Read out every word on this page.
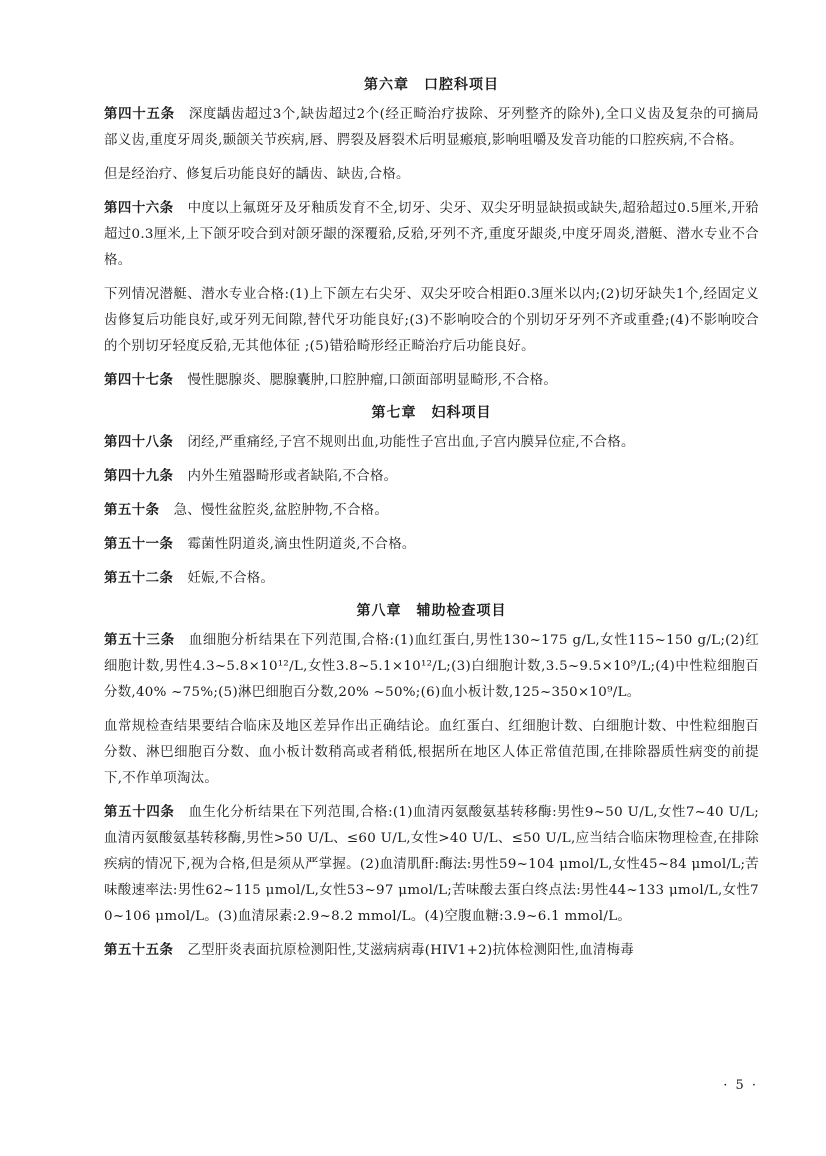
第六章　口腔科项目

第四十五条 深度龋齿超过3个,缺齿超过2个(经正畸治疗拔除、牙列整齐的除外),全口义齿及复杂的可摘局部义齿,重度牙周炎,颞颌关节疾病,唇、腭裂及唇裂术后明显瘢痕,影响咀嚼及发音功能的口腔疾病,不合格。

但是经治疗、修复后功能良好的龋齿、缺齿,合格。

第四十六条 中度以上氟斑牙及牙釉质发育不全,切牙、尖牙、双尖牙明显缺损或缺失,超𬌗超过0.5厘米,开𬌗超过0.3厘米,上下颌牙咬合到对颌牙龈的深覆𬌗,反𬌗,牙列不齐,重度牙龈炎,中度牙周炎,潜艇、潜水专业不合格。

下列情况潜艇、潜水专业合格:(1)上下颌左右尖牙、双尖牙咬合相距0.3厘米以内;(2)切牙缺失1个,经固定义齿修复后功能良好,或牙列无间隙,替代牙功能良好;(3)不影响咬合的个别切牙牙列不齐或重叠;(4)不影响咬合的个别切牙轻度反𬌗,无其他体征 ;(5)错𬌗畸形经正畸治疗后功能良好。

第四十七条 慢性腮腺炎、腮腺囊肿,口腔肿瘤,口颌面部明显畸形,不合格。

第七章　妇科项目

第四十八条 闭经,严重痛经,子宫不规则出血,功能性子宫出血,子宫内膜异位症,不合格。

第四十九条 内外生殖器畸形或者缺陷,不合格。

第五十条 急、慢性盆腔炎,盆腔肿物,不合格。

第五十一条 霉菌性阴道炎,滴虫性阴道炎,不合格。

第五十二条 妊娠,不合格。

第八章　辅助检查项目

第五十三条 血细胞分析结果在下列范围,合格:(1)血红蛋白,男性130~175 g/L,女性115~150 g/L;(2)红细胞计数,男性4.3~5.8×10¹²/L,女性3.8~5.1×10¹²/L;(3)白细胞计数,3.5~9.5×10⁹/L;(4)中性粒细胞百分数,40% ~75%;(5)淋巴细胞百分数,20% ~50%;(6)血小板计数,125~350×10⁹/L。

血常规检查结果要结合临床及地区差异作出正确结论。血红蛋白、红细胞计数、白细胞计数、中性粒细胞百分数、淋巴细胞百分数、血小板计数稍高或者稍低,根据所在地区人体正常值范围,在排除器质性病变的前提下,不作单项淘汰。

第五十四条 血生化分析结果在下列范围,合格:(1)血清丙氨酸氨基转移酶:男性9~50 U/L,女性7~40 U/L;血清丙氨酸氨基转移酶,男性>50 U/L、≤60 U/L,女性>40 U/L、≤50 U/L,应当结合临床物理检查,在排除疾病的情况下,视为合格,但是须从严掌握。(2)血清肌酐:酶法:男性59~104 μmol/L,女性45~84 μmol/L;苦味酸速率法:男性62~115 μmol/L,女性53~97 μmol/L;苦味酸去蛋白终点法:男性44~133 μmol/L,女性70~106 μmol/L。(3)血清尿素:2.9~8.2 mmol/L。(4)空腹血糖:3.9~6.1 mmol/L。

第五十五条 乙型肝炎表面抗原检测阳性,艾滋病病毒(HIV1+2)抗体检测阳性,血清梅毒

· 5 ·
